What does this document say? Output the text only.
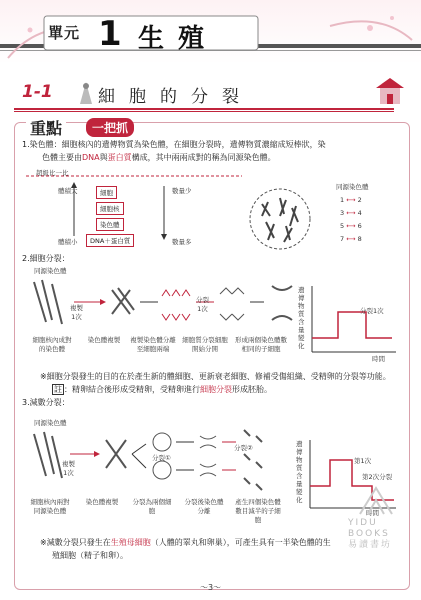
單元 1 生殖
1-1	細胞的分裂
重點	一把抓
1.染色體：細胞核內的遺傳物質為染色體，在細胞分裂時，遺傳物質濃縮成短棒狀，染
色體主要由DNA與蛋白質構成，其中兩兩成對的稱為同源染色體。
超級比一比
體積大
體積小
數量少
數量多
細胞
細胞核
染色體
DNA＋蛋白質
同源染色體
1 ⟷ 2
3 ⟷ 4
5 ⟷ 6
7 ⟷ 8
2.細胞分裂：
同源染色體
複製
1次
分裂
1次
細胞核內成對的染色體
染色體複製	複製染色體分離至細胞兩端
細胞質分裂細胞開始分開
形成兩個染色體數相同的子細胞
遺傳物質含量變化
時間
分裂1次
※細胞分裂發生的目的在於產生新的體細胞、更新衰老細胞、修補受傷組織、受精卵的分裂等功能。
註 ：精卵結合後形成受精卵，受精卵進行細胞分裂形成胚胎。
3.減數分裂：
同源染色體
複製
1次
分裂①
分裂②
細胞核內兩對同源染色體
染色體複製	分裂為兩個細胞
分裂後染色體分離
產生四個染色體數目減半的子細胞
遺傳物質含量變化
時間
第1次
第2次分裂
※減數分裂只發生在生殖母細胞（人體的睪丸和卵巢），可產生具有一半染色體的生
殖細胞（精子和卵）。
YIDU
BOOKS
易讀書坊
～3～
